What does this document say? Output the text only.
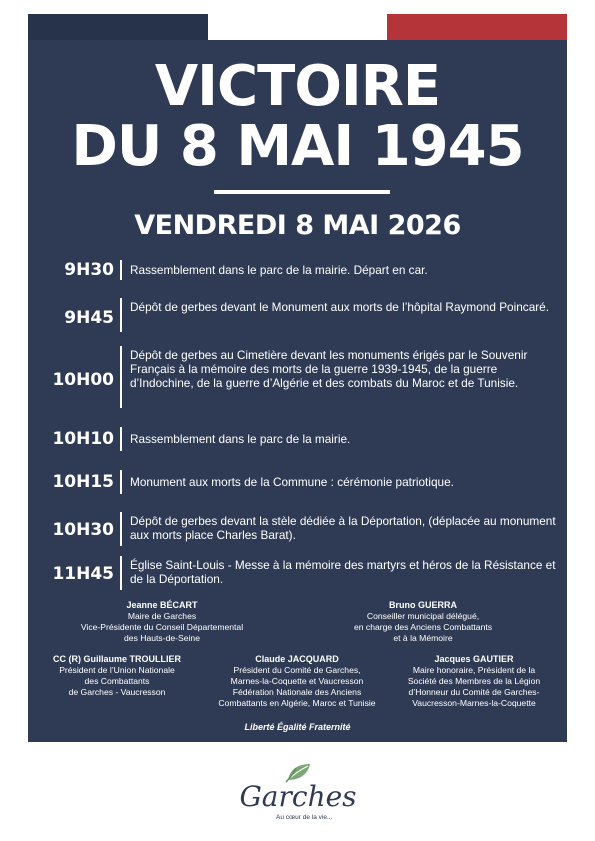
VICTOIRE
DU 8 MAI 1945
VENDREDI 8 MAI 2026
9H30 Rassemblement dans le parc de la mairie. Départ en car.
9H45
Dépôt de gerbes devant le Monument aux morts de l’hôpital Raymond Poincaré.
10H00
Dépôt de gerbes au Cimetière devant les monuments érigés par le Souvenir Français à la mémoire des morts de la guerre 1939-1945, de la guerre d’Indochine, de la guerre d’Algérie et des combats du Maroc et de Tunisie.
10H10 Rassemblement dans le parc de la mairie.
10H15 Monument aux morts de la Commune : cérémonie patriotique.
10H30 Dépôt de gerbes devant la stèle dédiée à la Déportation, (déplacée au monument aux morts place Charles Barat).
11H45 Église Saint-Louis - Messe à la mémoire des martyrs et héros de la Résistance et de la Déportation.
Jeanne BÉCART
Maire de Garches
Vice-Présidente du Conseil Départemental
des Hauts-de-Seine
Bruno GUERRA
Conseiller municipal délégué,
en charge des Anciens Combattants
et à la Mémoire
CC (R) Guillaume TROULLIER
Président de l’Union Nationale
des Combattants
de Garches - Vaucresson
Claude JACQUARD
Président du Comité de Garches,
Marnes-la-Coquette et Vaucresson
Fédération Nationale des Anciens
Combattants en Algérie, Maroc et Tunisie
Jacques GAUTIER
Maire honoraire, Président de la
Société des Membres de la Légion
d’Honneur du Comité de Garches-
Vaucresson-Marnes-la-Coquette
Liberté Égalité Fraternité
Garches
Au cœur de la vie...
